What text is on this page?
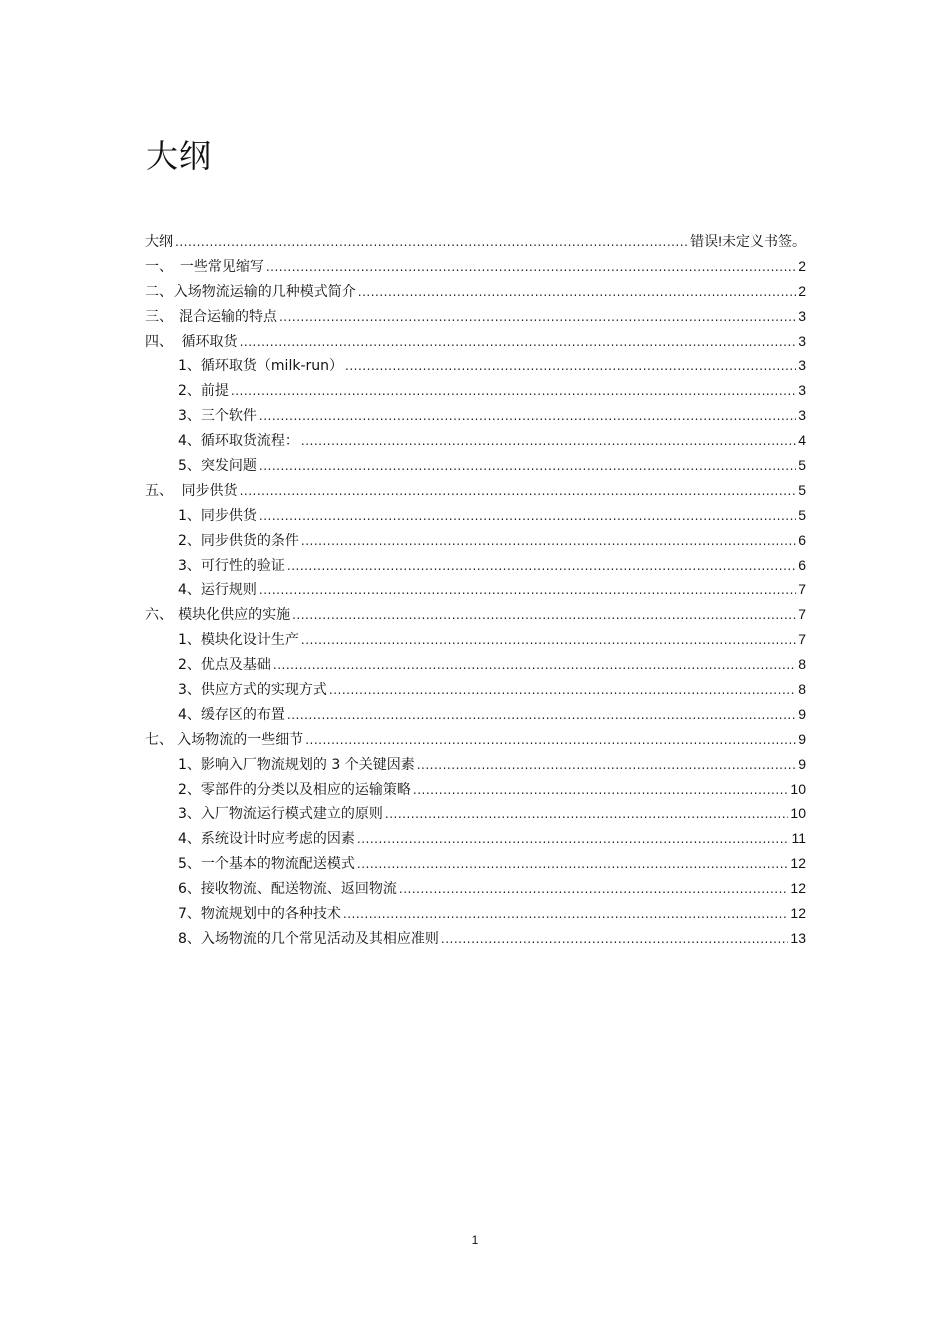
大纲
大纲 .....	错误!未定义书签。
一、 一些常见缩写 .....	2
二、 入场物流运输的几种模式简介 .....	2
三、 混合运输的特点 .....	3
四、 循环取货 .....	3
1、 循环取货（milk-run） .....	3
2、 前提 .....	3
3、 三个软件 .....	3
4、 循环取货流程： .....	4
5、 突发问题 .....	5
五、 同步供货 .....	5
1、 同步供货 .....	5
2、 同步供货的条件 .....	6
3、 可行性的验证 .....	6
4、 运行规则 .....	7
六、 模块化供应的实施 .....	7
1、 模块化设计生产 .....	7
2、 优点及基础 .....	8
3、 供应方式的实现方式 .....	8
4、 缓存区的布置 .....	9
七、 入场物流的一些细节 .....	9
1、 影响入厂物流规划的 3 个关键因素 .....	9
2、 零部件的分类以及相应的运输策略 .....	10
3、 入厂物流运行模式建立的原则 .....	10
4、 系统设计时应考虑的因素 .....	11
5、 一个基本的物流配送模式 .....	12
6、 接收物流、配送物流、返回物流 .....	12
7、 物流规划中的各种技术 .....	12
8、 入场物流的几个常见活动及其相应准则 .....	13
1
